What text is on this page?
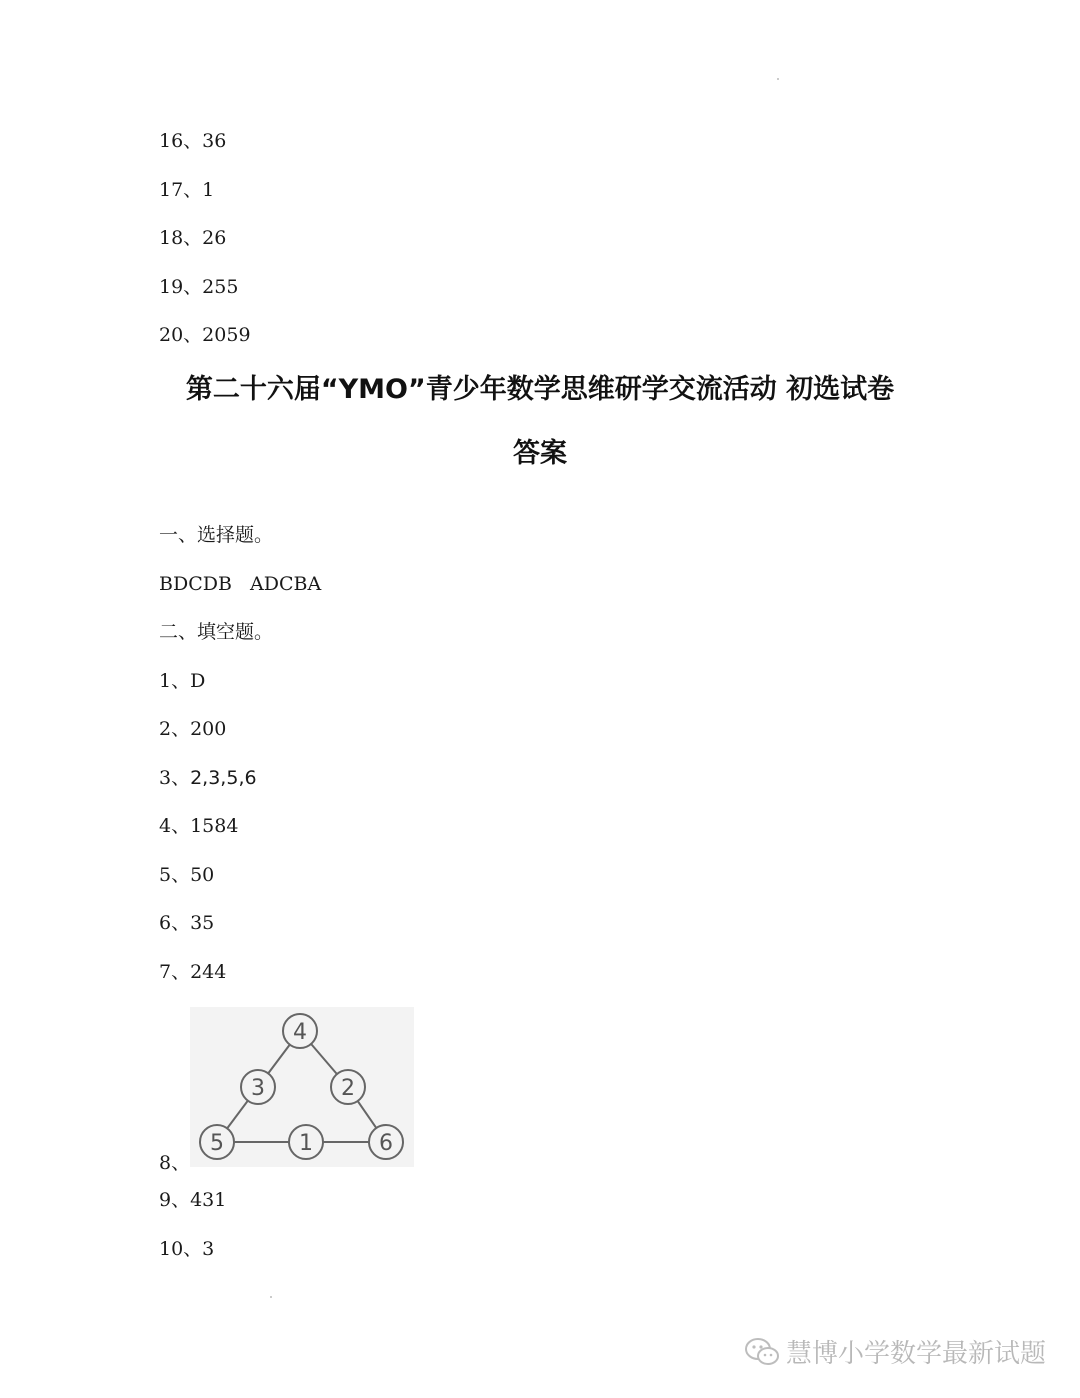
16、36
17、1
18、26
19、255
20、2059
第二十六届“YMO”青少年数学思维研学交流活动 初选试卷
答案
一、选择题。
BDCDB   ADCBA
二、填空题。
1、D
2、200
3、2,3,5,6
4、1584
5、50
6、35
7、244
8、
4
3	2
5	1	6
9、431
10、3
慧博小学数学最新试题
